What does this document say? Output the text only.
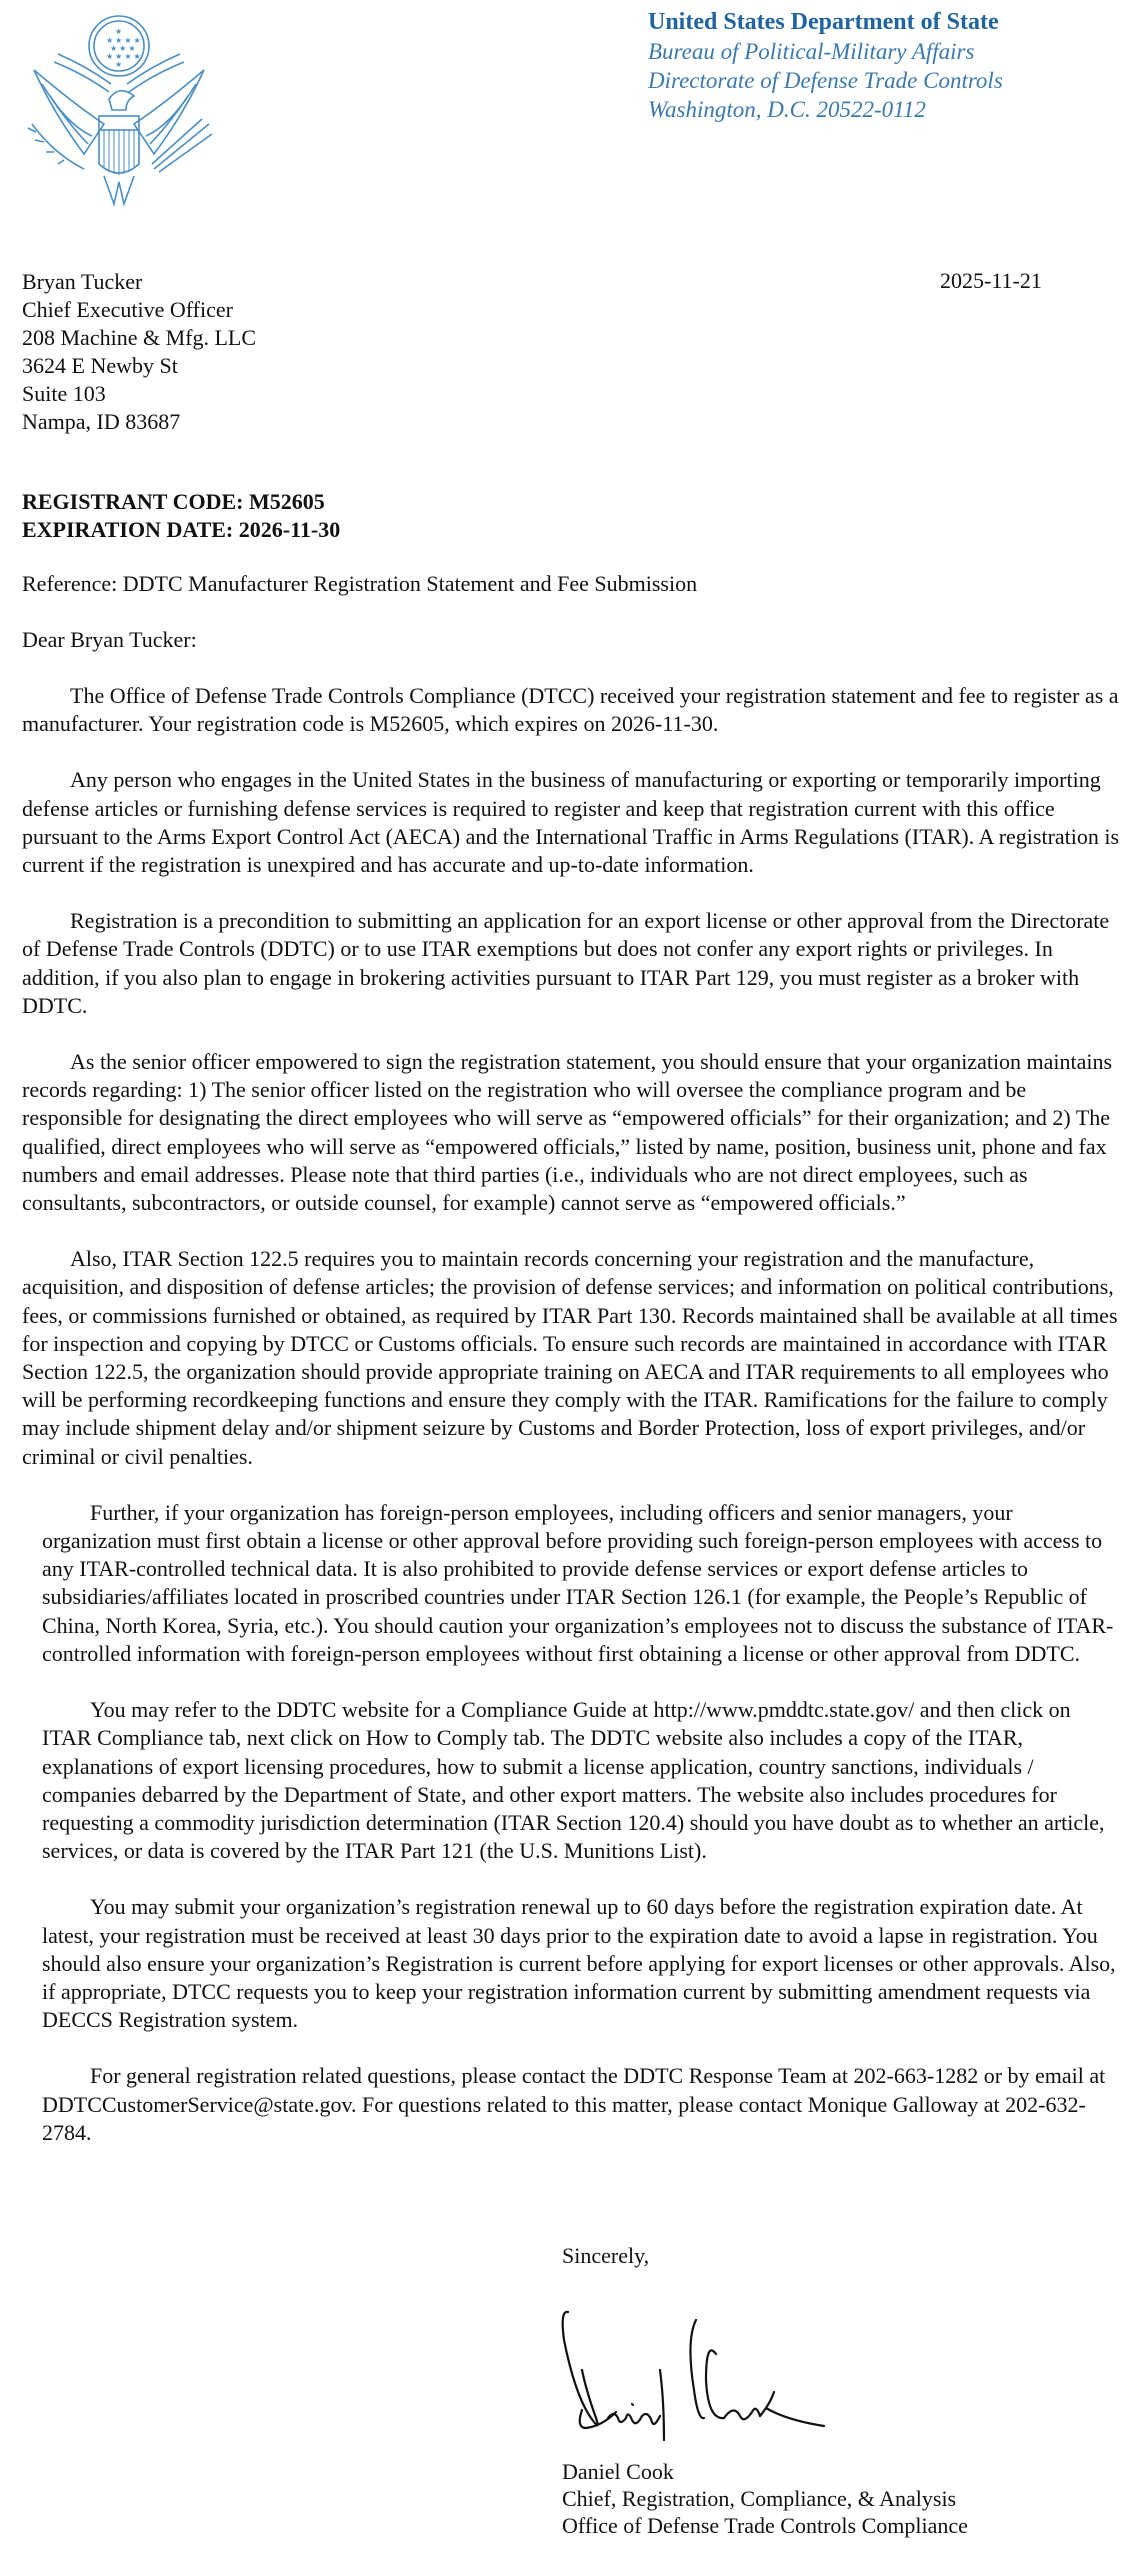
★
★ ★ ★ ★
★ ★ ★
★ ★ ★ ★
★
United States Department of State
Bureau of Political-Military Affairs
Directorate of Defense Trade Controls
Washington, D.C. 20522-0112
2025-11-21
Bryan Tucker
Chief Executive Officer
208 Machine & Mfg. LLC
3624 E Newby St
Suite 103
Nampa, ID 83687
REGISTRANT CODE: M52605
EXPIRATION DATE: 2026-11-30
Reference: DDTC Manufacturer Registration Statement and Fee Submission
Dear Bryan Tucker:

The Office of Defense Trade Controls Compliance (DTCC) received your registration statement and fee to register as a manufacturer. Your registration code is M52605, which expires on 2026-11-30.

Any person who engages in the United States in the business of manufacturing or exporting or temporarily importing defense articles or furnishing defense services is required to register and keep that registration current with this office pursuant to the Arms Export Control Act (AECA) and the International Traffic in Arms Regulations (ITAR). A registration is current if the registration is unexpired and has accurate and up-to-date information.

Registration is a precondition to submitting an application for an export license or other approval from the Directorate of Defense Trade Controls (DDTC) or to use ITAR exemptions but does not confer any export rights or privileges. In addition, if you also plan to engage in brokering activities pursuant to ITAR Part 129, you must register as a broker with DDTC.

As the senior officer empowered to sign the registration statement, you should ensure that your organization maintains records regarding: 1) The senior officer listed on the registration who will oversee the compliance program and be responsible for designating the direct employees who will serve as “empowered officials” for their organization; and 2) The qualified, direct employees who will serve as “empowered officials,” listed by name, position, business unit, phone and fax numbers and email addresses. Please note that third parties (i.e., individuals who are not direct employees, such as consultants, subcontractors, or outside counsel, for example) cannot serve as “empowered officials.”

Also, ITAR Section 122.5 requires you to maintain records concerning your registration and the manufacture, acquisition, and disposition of defense articles; the provision of defense services; and information on political contributions, fees, or commissions furnished or obtained, as required by ITAR Part 130. Records maintained shall be available at all times for inspection and copying by DTCC or Customs officials. To ensure such records are maintained in accordance with ITAR Section 122.5, the organization should provide appropriate training on AECA and ITAR requirements to all employees who will be performing recordkeeping functions and ensure they comply with the ITAR. Ramifications for the failure to comply may include shipment delay and/or shipment seizure by Customs and Border Protection, loss of export privileges, and/or criminal or civil penalties.

Further, if your organization has foreign-person employees, including officers and senior managers, your organization must first obtain a license or other approval before providing such foreign-person employees with access to any ITAR-controlled technical data. It is also prohibited to provide defense services or export defense articles to subsidiaries/affiliates located in proscribed countries under ITAR Section 126.1 (for example, the People’s Republic of China, North Korea, Syria, etc.). You should caution your organization’s employees not to discuss the substance of ITAR-controlled information with foreign-person employees without first obtaining a license or other approval from DDTC.

You may refer to the DDTC website for a Compliance Guide at http://www.pmddtc.state.gov/ and then click on ITAR Compliance tab, next click on How to Comply tab. The DDTC website also includes a copy of the ITAR, explanations of export licensing procedures, how to submit a license application, country sanctions, individuals / companies debarred by the Department of State, and other export matters. The website also includes procedures for requesting a commodity jurisdiction determination (ITAR Section 120.4) should you have doubt as to whether an article, services, or data is covered by the ITAR Part 121 (the U.S. Munitions List).

You may submit your organization’s registration renewal up to 60 days before the registration expiration date. At latest, your registration must be received at least 30 days prior to the expiration date to avoid a lapse in registration. You should also ensure your organization’s Registration is current before applying for export licenses or other approvals. Also, if appropriate, DTCC requests you to keep your registration information current by submitting amendment requests via DECCS Registration system.

For general registration related questions, please contact the DDTC Response Team at 202-663-1282 or by email at DDTCCustomerService@state.gov. For questions related to this matter, please contact Monique Galloway at 202-632-2784.

Sincerely,
Daniel Cook
Chief, Registration, Compliance, & Analysis
Office of Defense Trade Controls Compliance
